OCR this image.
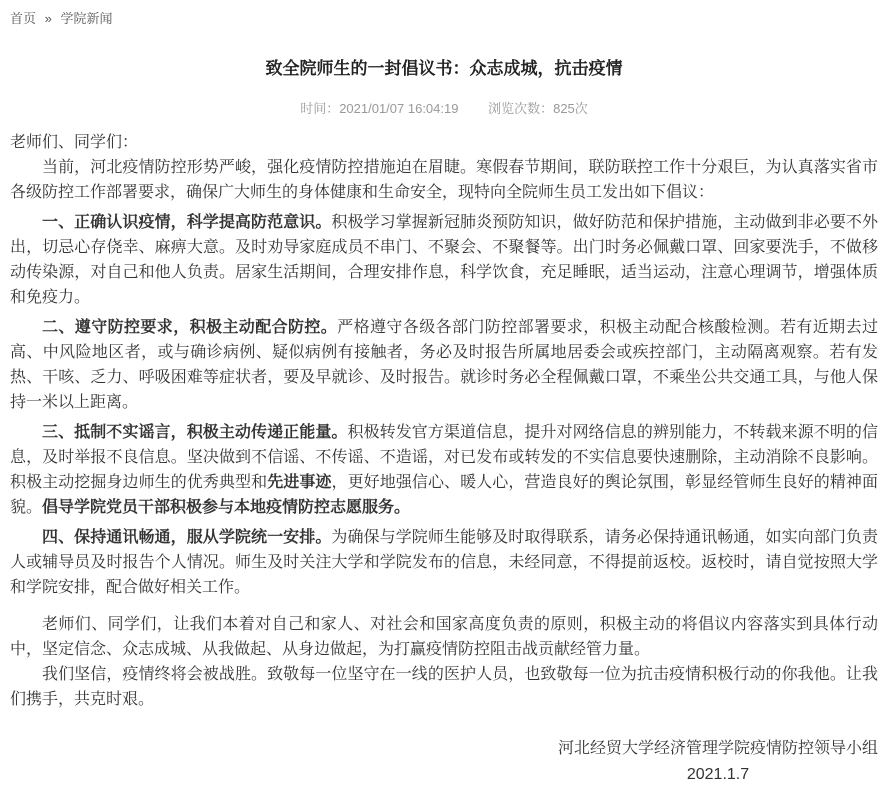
首页 » 学院新闻
致全院师生的一封倡议书：众志成城，抗击疫情
时间：2021/01/07 16:04:19 浏览次数：825次

老师们、同学们：

当前，河北疫情防控形势严峻，强化疫情防控措施迫在眉睫。寒假春节期间，联防联控工作十分艰巨，为认真落实省市各级防控工作部署要求，确保广大师生的身体健康和生命安全，现特向全院师生员工发出如下倡议：

一、正确认识疫情，科学提高防范意识。积极学习掌握新冠肺炎预防知识，做好防范和保护措施，主动做到非必要不外出，切忌心存侥幸、麻痹大意。及时劝导家庭成员不串门、不聚会、不聚餐等。出门时务必佩戴口罩、回家要洗手，不做移动传染源，对自己和他人负责。居家生活期间，合理安排作息，科学饮食，充足睡眠，适当运动，注意心理调节，增强体质和免疫力。

二、遵守防控要求，积极主动配合防控。严格遵守各级各部门防控部署要求，积极主动配合核酸检测。若有近期去过高、中风险地区者，或与确诊病例、疑似病例有接触者，务必及时报告所属地居委会或疾控部门，主动隔离观察。若有发热、干咳、乏力、呼吸困难等症状者，要及早就诊、及时报告。就诊时务必全程佩戴口罩，不乘坐公共交通工具，与他人保持一米以上距离。

三、抵制不实谣言，积极主动传递正能量。积极转发官方渠道信息，提升对网络信息的辨别能力，不转载来源不明的信息，及时举报不良信息。坚决做到不信谣、不传谣、不造谣，对已发布或转发的不实信息要快速删除，主动消除不良影响。积极主动挖掘身边师生的优秀典型和先进事迹，更好地强信心、暖人心，营造良好的舆论氛围，彰显经管师生良好的精神面貌。倡导学院党员干部积极参与本地疫情防控志愿服务。

四、保持通讯畅通，服从学院统一安排。为确保与学院师生能够及时取得联系，请务必保持通讯畅通，如实向部门负责人或辅导员及时报告个人情况。师生及时关注大学和学院发布的信息，未经同意，不得提前返校。返校时，请自觉按照大学和学院安排，配合做好相关工作。

老师们、同学们，让我们本着对自己和家人、对社会和国家高度负责的原则，积极主动的将倡议内容落实到具体行动中，坚定信念、众志成城、从我做起、从身边做起，为打赢疫情防控阻击战贡献经管力量。

我们坚信，疫情终将会被战胜。致敬每一位坚守在一线的医护人员，也致敬每一位为抗击疫情积极行动的你我他。让我们携手，共克时艰。

河北经贸大学经济管理学院疫情防控领导小组
2021.1.7
